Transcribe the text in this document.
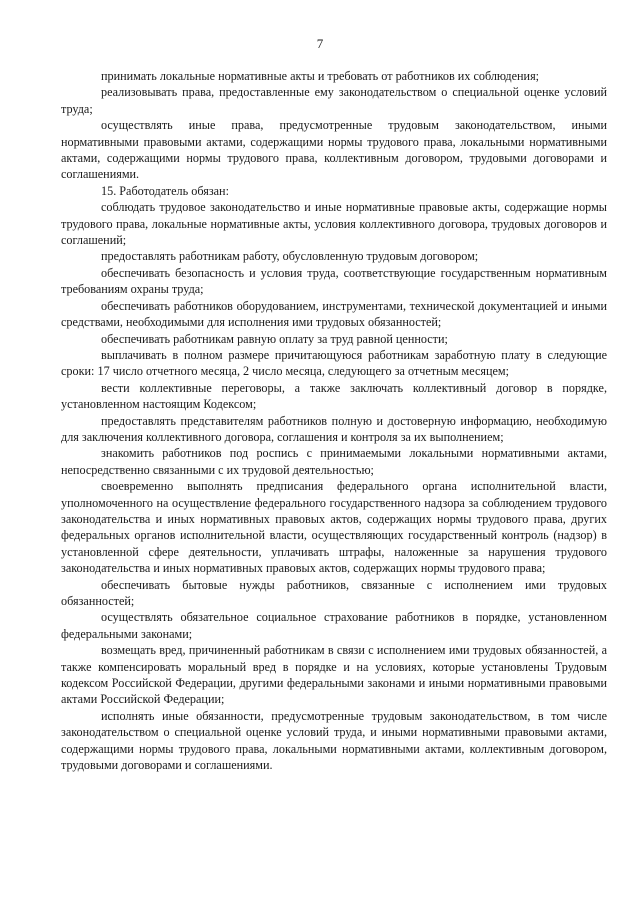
7

принимать локальные нормативные акты и требовать от работников их соблюдения;

реализовывать права, предоставленные ему законодательством о специальной оценке условий труда;

осуществлять иные права, предусмотренные трудовым законодательством, иными нормативными правовыми актами, содержащими нормы трудового права, локальными нормативными актами, содержащими нормы трудового права, коллективным договором, трудовыми договорами и соглашениями.

15. Работодатель обязан:

соблюдать трудовое законодательство и иные нормативные правовые акты, содержащие нормы трудового права, локальные нормативные акты, условия коллективного договора, трудовых договоров и соглашений;

предоставлять работникам работу, обусловленную трудовым договором;

обеспечивать безопасность и условия труда, соответствующие государственным нормативным требованиям охраны труда;

обеспечивать работников оборудованием, инструментами, технической документацией и иными средствами, необходимыми для исполнения ими трудовых обязанностей;

обеспечивать работникам равную оплату за труд равной ценности;

выплачивать в полном размере причитающуюся работникам заработную плату в следующие сроки: 17 число отчетного месяца, 2 число месяца, следующего за отчетным месяцем;

вести коллективные переговоры, а также заключать коллективный договор в порядке, установленном настоящим Кодексом;

предоставлять представителям работников полную и достоверную информацию, необходимую для заключения коллективного договора, соглашения и контроля за их выполнением;

знакомить работников под роспись с принимаемыми локальными нормативными актами, непосредственно связанными с их трудовой деятельностью;

своевременно выполнять предписания федерального органа исполнительной власти, уполномоченного на осуществление федерального государственного надзора за соблюдением трудового законодательства и иных нормативных правовых актов, содержащих нормы трудового права, других федеральных органов исполнительной власти, осуществляющих государственный контроль (надзор) в установленной сфере деятельности, уплачивать штрафы, наложенные за нарушения трудового законодательства и иных нормативных правовых актов, содержащих нормы трудового права;

обеспечивать бытовые нужды работников, связанные с исполнением ими трудовых обязанностей;

осуществлять обязательное социальное страхование работников в порядке, установленном федеральными законами;

возмещать вред, причиненный работникам в связи с исполнением ими трудовых обязанностей, а также компенсировать моральный вред в порядке и на условиях, которые установлены Трудовым кодексом Российской Федерации, другими федеральными законами и иными нормативными правовыми актами Российской Федерации;

исполнять иные обязанности, предусмотренные трудовым законодательством, в том числе законодательством о специальной оценке условий труда, и иными нормативными правовыми актами, содержащими нормы трудового права, локальными нормативными актами, коллективным договором, трудовыми договорами и соглашениями.
